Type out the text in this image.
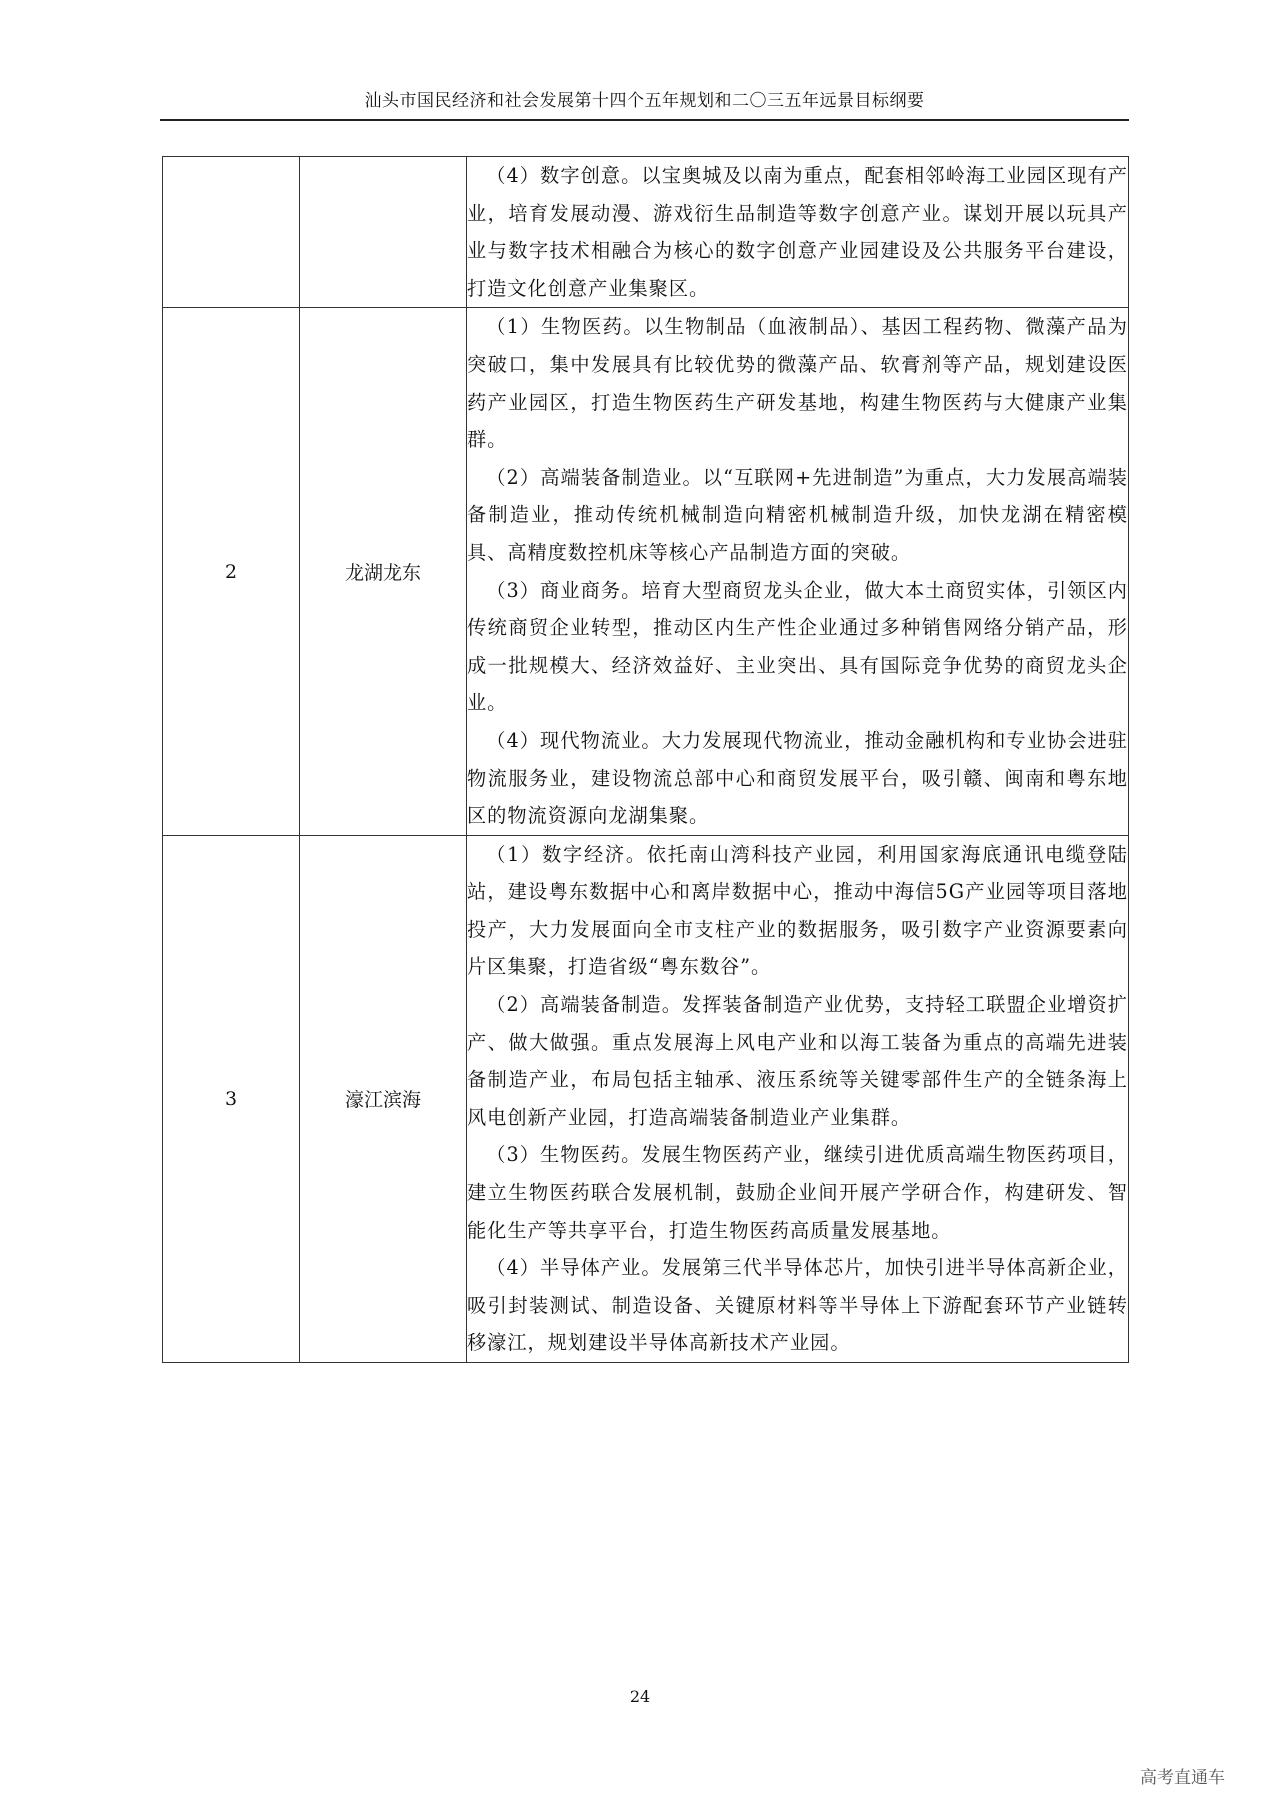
汕头市国民经济和社会发展第十四个五年规划和二〇三五年远景目标纲要

		（4）数字创意。以宝奥城及以南为重点，配套相邻岭海工业园区现有产业，培育发展动漫、游戏衍生品制造等数字创意产业。谋划开展以玩具产业与数字技术相融合为核心的数字创意产业园建设及公共服务平台建设，打造文化创意产业集聚区。

2	龙湖龙东	（1）生物医药。以生物制品（血液制品）、基因工程药物、微藻产品为突破口，集中发展具有比较优势的微藻产品、软膏剂等产品，规划建设医药产业园区，打造生物医药生产研发基地，构建生物医药与大健康产业集群。
（2）高端装备制造业。以“互联网+先进制造”为重点，大力发展高端装备制造业，推动传统机械制造向精密机械制造升级，加快龙湖在精密模具、高精度数控机床等核心产品制造方面的突破。
（3）商业商务。培育大型商贸龙头企业，做大本土商贸实体，引领区内传统商贸企业转型，推动区内生产性企业通过多种销售网络分销产品，形成一批规模大、经济效益好、主业突出、具有国际竞争优势的商贸龙头企业。
（4）现代物流业。大力发展现代物流业，推动金融机构和专业协会进驻物流服务业，建设物流总部中心和商贸发展平台，吸引赣、闽南和粤东地区的物流资源向龙湖集聚。

3	濠江滨海	（1）数字经济。依托南山湾科技产业园，利用国家海底通讯电缆登陆站，建设粤东数据中心和离岸数据中心，推动中海信5G产业园等项目落地投产，大力发展面向全市支柱产业的数据服务，吸引数字产业资源要素向片区集聚，打造省级“粤东数谷”。
（2）高端装备制造。发挥装备制造产业优势，支持轻工联盟企业增资扩产、做大做强。重点发展海上风电产业和以海工装备为重点的高端先进装备制造产业，布局包括主轴承、液压系统等关键零部件生产的全链条海上风电创新产业园，打造高端装备制造业产业集群。
（3）生物医药。发展生物医药产业，继续引进优质高端生物医药项目，建立生物医药联合发展机制，鼓励企业间开展产学研合作，构建研发、智能化生产等共享平台，打造生物医药高质量发展基地。
（4）半导体产业。发展第三代半导体芯片，加快引进半导体高新企业，吸引封装测试、制造设备、关键原材料等半导体上下游配套环节产业链转移濠江，规划建设半导体高新技术产业园。
24
高考直通车
